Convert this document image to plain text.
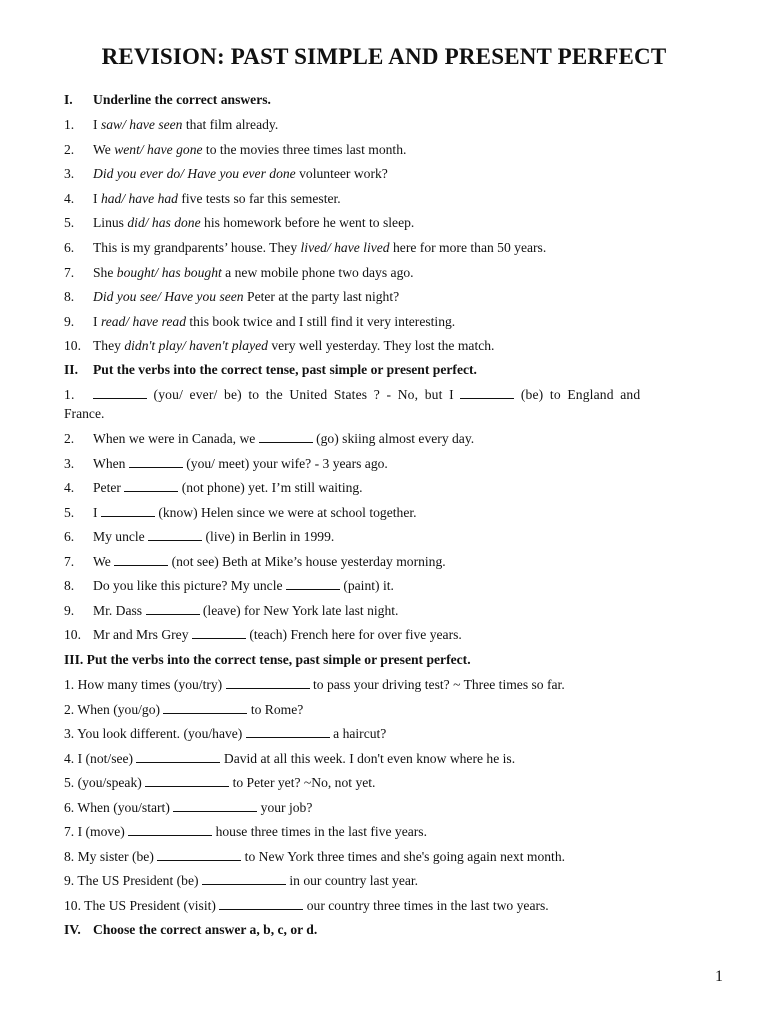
REVISION: PAST SIMPLE AND PRESENT PERFECT
I. Underline the correct answers.
1. I saw/ have seen that film already.
2. We went/ have gone to the movies three times last month.
3. Did you ever do/ Have you ever done volunteer work?
4. I had/ have had five tests so far this semester.
5. Linus did/ has done his homework before he went to sleep.
6. This is my grandparents’ house. They lived/ have lived here for more than 50 years.
7. She bought/ has bought a new mobile phone two days ago.
8. Did you see/ Have you seen Peter at the party last night?
9. I read/ have read this book twice and I still find it very interesting.
10. They didn't play/ haven't played very well yesterday. They lost the match.
II. Put the verbs into the correct tense, past simple or present perfect.
1.	(you/ ever/ be) to the United States ? - No, but I	(be) to England and
France.
2. When we were in Canada, we	(go) skiing almost every day.
3. When	(you/ meet) your wife? - 3 years ago.
4. Peter	(not phone) yet. I’m still waiting.
5. I	(know) Helen since we were at school together.
6. My uncle	(live) in Berlin in 1999.
7. We	(not see) Beth at Mike’s house yesterday morning.
8. Do you like this picture? My uncle	(paint) it.
9. Mr. Dass	(leave) for New York late last night.
10. Mr and Mrs Grey	(teach) French here for over five years.
III. Put the verbs into the correct tense, past simple or present perfect.
1. How many times (you/try)	to pass your driving test? ~ Three times so far.
2. When (you/go)	to Rome?
3. You look different. (you/have)	a haircut?
4. I (not/see)	David at all this week. I don't even know where he is.
5. (you/speak)	to Peter yet? ~No, not yet.
6. When (you/start)	your job?
7. I (move)	house three times in the last five years.
8. My sister (be)	to New York three times and she's going again next month.
9. The US President (be)	in our country last year.
10. The US President (visit)	our country three times in the last two years.
IV. Choose the correct answer a, b, c, or d.
1
